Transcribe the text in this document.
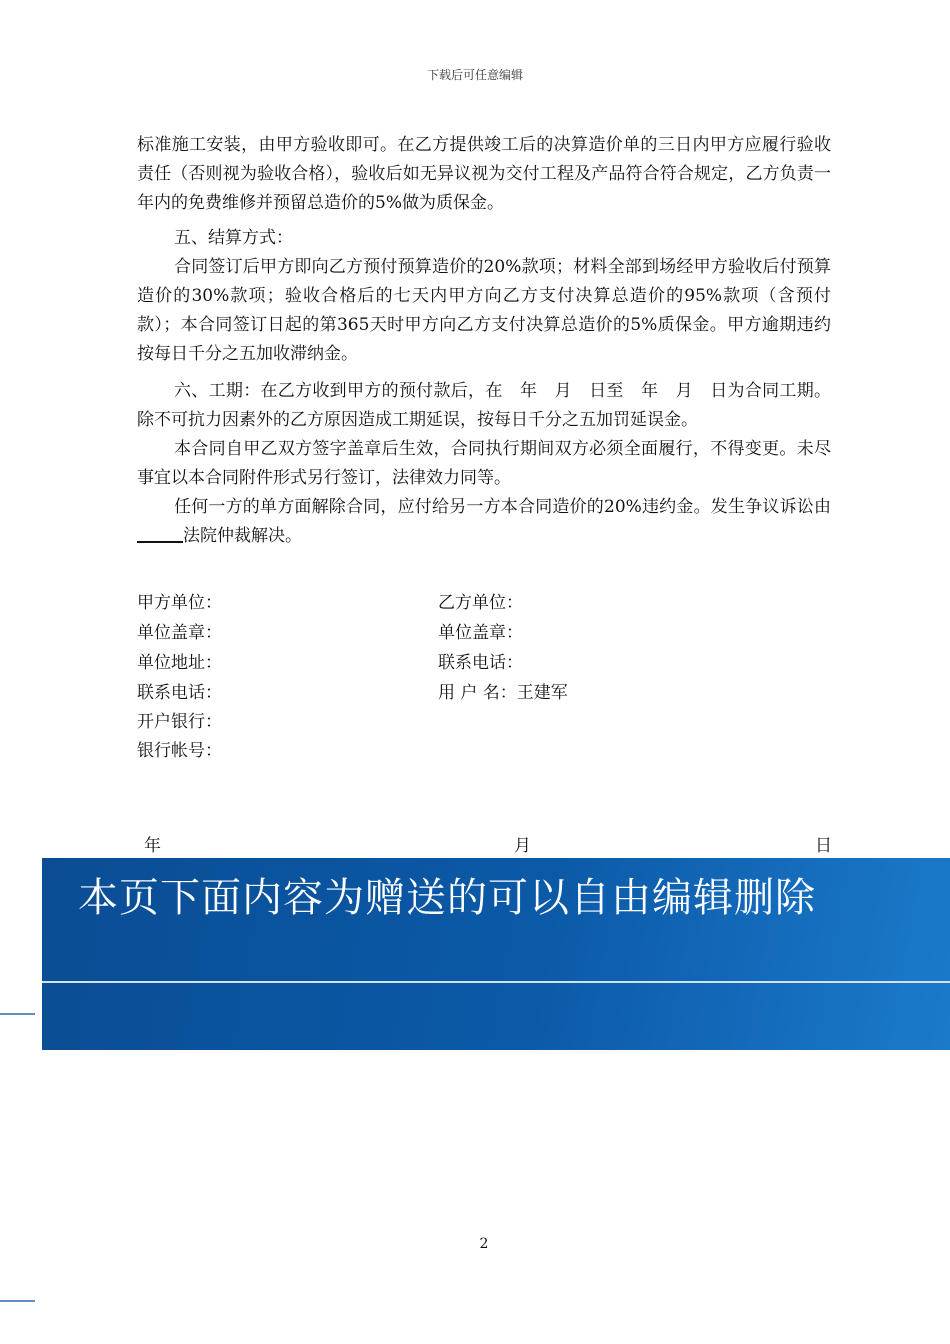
下载后可任意编辑

标准施工安装，由甲方验收即可。在乙方提供竣工后的决算造价单的三日内甲方应履行验收责任（否则视为验收合格），验收后如无异议视为交付工程及产品符合符合规定，乙方负责一年内的免费维修并预留总造价的5%做为质保金。

五、结算方式：

合同签订后甲方即向乙方预付预算造价的20%款项；材料全部到场经甲方验收后付预算造价的30%款项；验收合格后的七天内甲方向乙方支付决算总造价的95%款项（含预付款）；本合同签订日起的第365天时甲方向乙方支付决算总造价的5%质保金。甲方逾期违约按每日千分之五加收滞纳金。

六、工期：在乙方收到甲方的预付款后，在　年　月　日至　年　月　日为合同工期。除不可抗力因素外的乙方原因造成工期延误，按每日千分之五加罚延误金。

本合同自甲乙双方签字盖章后生效，合同执行期间双方必须全面履行，不得变更。未尽事宜以本合同附件形式另行签订，法律效力同等。

任何一方的单方面解除合同，应付给另一方本合同造价的20%违约金。发生争议诉讼由法院仲裁解决。

甲方单位：
单位盖章：
单位地址：
联系电话：
开户银行：
银行帐号：
乙方单位：
单位盖章：
联系电话：
用 户 名：王建军
年	月	日
本页下面内容为赠送的可以自由编辑删除
2
